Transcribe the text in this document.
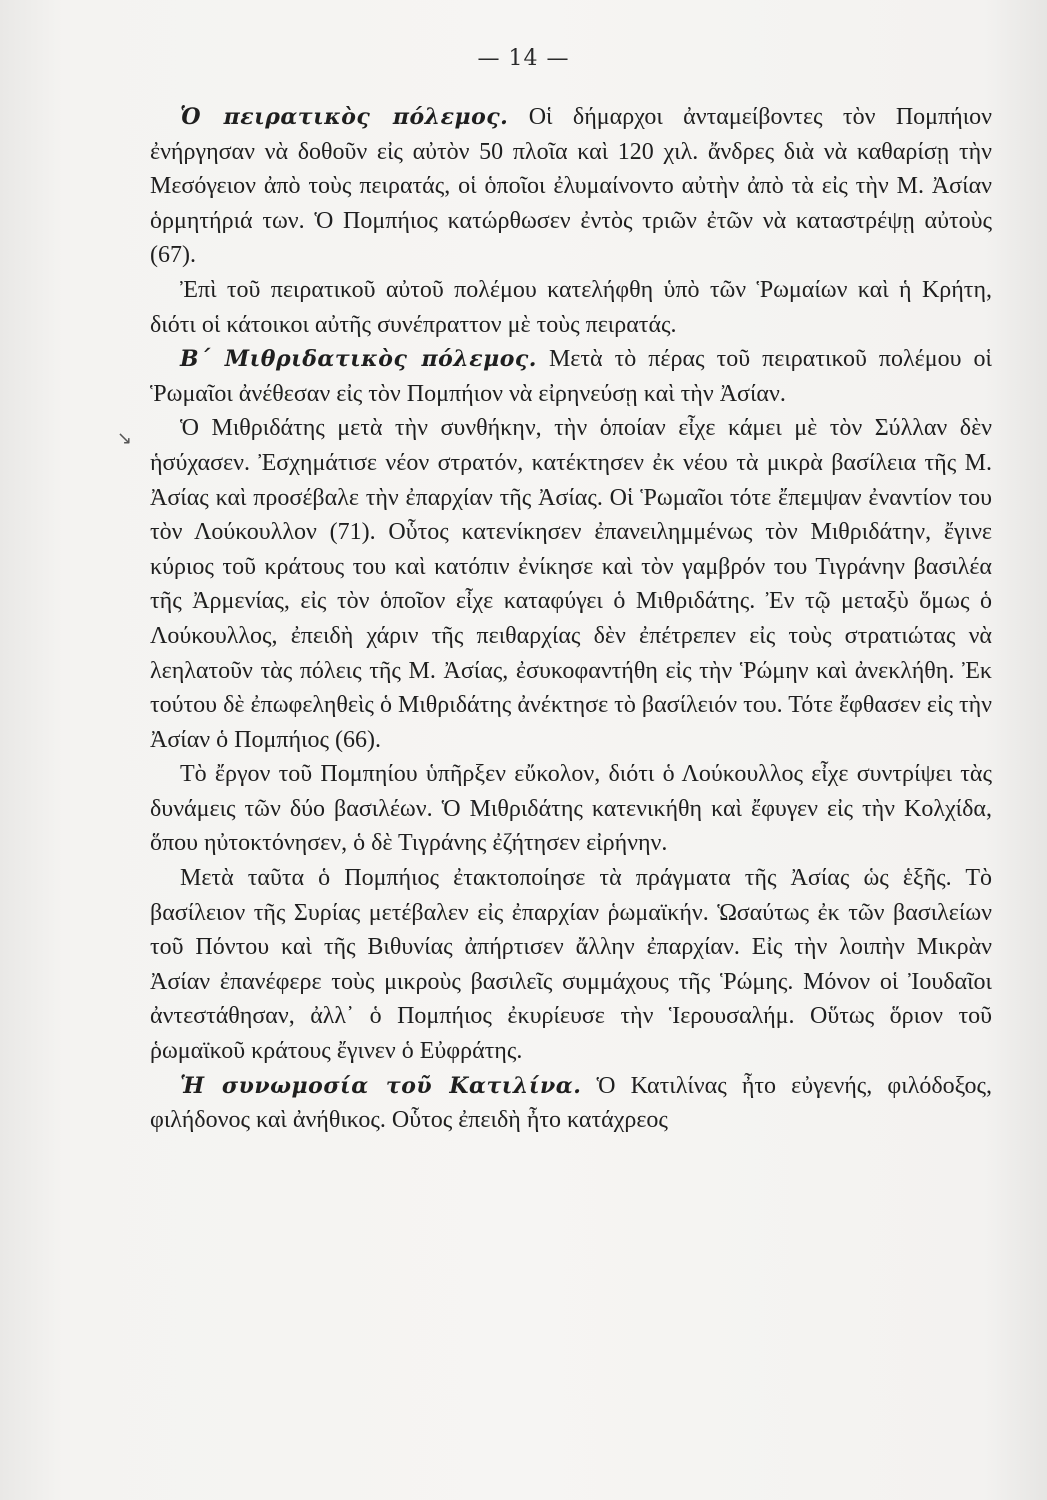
— 14 —
↘

Ὁ πειρατικὸς πόλεμος. Οἱ δήμαρχοι ἀνταμείβοντες τὸν Πομπήιον ἐνήργησαν νὰ δοθοῦν εἰς αὐτὸν 50 πλοῖα καὶ 120 χιλ. ἄνδρες διὰ νὰ καθαρίσῃ τὴν Μεσόγειον ἀπὸ τοὺς πειρατάς, οἱ ὁποῖοι ἐλυμαίνοντο αὐτὴν ἀπὸ τὰ εἰς τὴν Μ. Ἀσίαν ὁρμητήριά των. Ὁ Πομπήιος κατώρθωσεν ἐντὸς τριῶν ἐτῶν νὰ καταστρέψῃ αὐτοὺς (67).

Ἐπὶ τοῦ πειρατικοῦ αὐτοῦ πολέμου κατελήφθη ὑπὸ τῶν Ῥωμαίων καὶ ἡ Κρήτη, διότι οἱ κάτοικοι αὐτῆς συνέπραττον μὲ τοὺς πειρατάς.

Β΄ Μιθριδατικὸς πόλεμος. Μετὰ τὸ πέρας τοῦ πειρατικοῦ πολέμου οἱ Ῥωμαῖοι ἀνέθεσαν εἰς τὸν Πομπήιον νὰ εἰρηνεύσῃ καὶ τὴν Ἀσίαν.

Ὁ Μιθριδάτης μετὰ τὴν συνθήκην, τὴν ὁποίαν εἶχε κάμει μὲ τὸν Σύλλαν δὲν ἡσύχασεν. Ἐσχημάτισε νέον στρατόν, κατέκτησεν ἐκ νέου τὰ μικρὰ βασίλεια τῆς Μ. Ἀσίας καὶ προσέβαλε τὴν ἐπαρχίαν τῆς Ἀσίας. Οἱ Ῥωμαῖοι τότε ἔπεμψαν ἐναντίον του τὸν Λούκουλλον (71). Οὗτος κατενίκησεν ἐπανειλημμένως τὸν Μιθριδάτην, ἔγινε κύριος τοῦ κράτους του καὶ κατόπιν ἐνίκησε καὶ τὸν γαμβρόν του Τιγράνην βασιλέα τῆς Ἀρμενίας, εἰς τὸν ὁποῖον εἶχε καταφύγει ὁ Μιθριδάτης. Ἐν τῷ μεταξὺ ὅμως ὁ Λούκουλλος, ἐπειδὴ χάριν τῆς πειθαρχίας δὲν ἐπέτρεπεν εἰς τοὺς στρατιώτας νὰ λεηλατοῦν τὰς πόλεις τῆς Μ. Ἀσίας, ἐσυκοφαντήθη εἰς τὴν Ῥώμην καὶ ἀνεκλήθη. Ἐκ τούτου δὲ ἐπωφεληθεὶς ὁ Μιθριδάτης ἀνέκτησε τὸ βασίλειόν του. Τότε ἔφθασεν εἰς τὴν Ἀσίαν ὁ Πομπήιος (66).

Τὸ ἔργον τοῦ Πομπηίου ὑπῆρξεν εὔκολον, διότι ὁ Λούκουλλος εἶχε συντρίψει τὰς δυνάμεις τῶν δύο βασιλέων. Ὁ Μιθριδάτης κατενικήθη καὶ ἔφυγεν εἰς τὴν Κολχίδα, ὅπου ηὐτοκτόνησεν, ὁ δὲ Τιγράνης ἐζήτησεν εἰρήνην.

Μετὰ ταῦτα ὁ Πομπήιος ἐτακτοποίησε τὰ πράγματα τῆς Ἀσίας ὡς ἑξῆς. Τὸ βασίλειον τῆς Συρίας μετέβαλεν εἰς ἐπαρχίαν ῥωμαϊκήν. Ὡσαύτως ἐκ τῶν βασιλείων τοῦ Πόντου καὶ τῆς Βιθυνίας ἀπήρτισεν ἄλλην ἐπαρχίαν. Εἰς τὴν λοιπὴν Μικρὰν Ἀσίαν ἐπανέφερε τοὺς μικροὺς βασιλεῖς συμμάχους τῆς Ῥώμης. Μόνον οἱ Ἰουδαῖοι ἀντεστάθησαν, ἀλλ᾽ ὁ Πομπήιος ἐκυρίευσε τὴν Ἱερουσαλήμ. Οὕτως ὅριον τοῦ ῥωμαϊκοῦ κράτους ἔγινεν ὁ Εὐφράτης.

Ἡ συνωμοσία τοῦ Κατιλίνα. Ὁ Κατιλίνας ἦτο εὐγενής, φιλόδοξος, φιλήδονος καὶ ἀνήθικος. Οὗτος ἐπειδὴ ἦτο κατάχρεος
